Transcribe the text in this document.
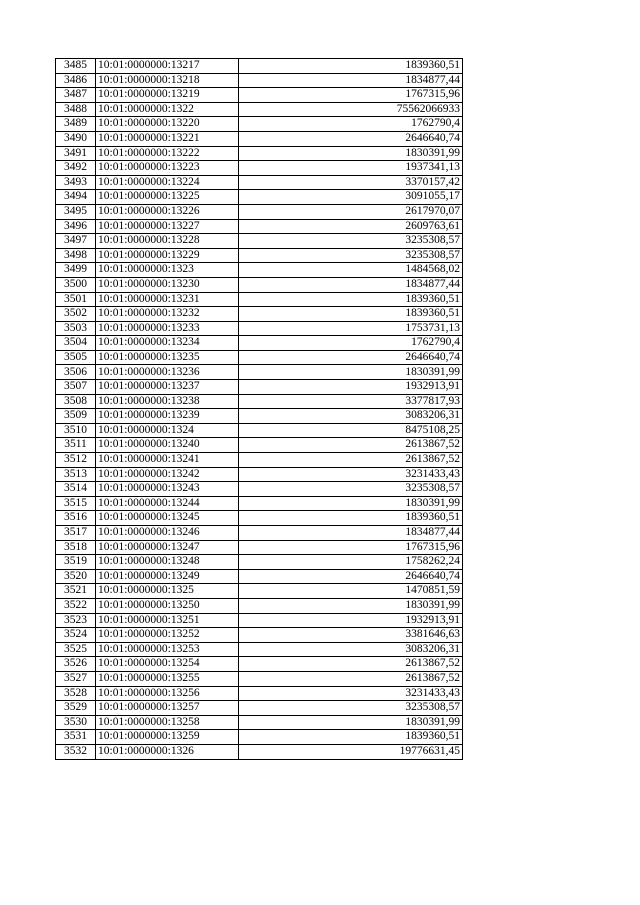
3485	10:01:0000000:13217	1839360,51
3486	10:01:0000000:13218	1834877,44
3487	10:01:0000000:13219	1767315,96
3488	10:01:0000000:1322	75562066933
3489	10:01:0000000:13220	1762790,4
3490	10:01:0000000:13221	2646640,74
3491	10:01:0000000:13222	1830391,99
3492	10:01:0000000:13223	1937341,13
3493	10:01:0000000:13224	3370157,42
3494	10:01:0000000:13225	3091055,17
3495	10:01:0000000:13226	2617970,07
3496	10:01:0000000:13227	2609763,61
3497	10:01:0000000:13228	3235308,57
3498	10:01:0000000:13229	3235308,57
3499	10:01:0000000:1323	1484568,02
3500	10:01:0000000:13230	1834877,44
3501	10:01:0000000:13231	1839360,51
3502	10:01:0000000:13232	1839360,51
3503	10:01:0000000:13233	1753731,13
3504	10:01:0000000:13234	1762790,4
3505	10:01:0000000:13235	2646640,74
3506	10:01:0000000:13236	1830391,99
3507	10:01:0000000:13237	1932913,91
3508	10:01:0000000:13238	3377817,93
3509	10:01:0000000:13239	3083206,31
3510	10:01:0000000:1324	8475108,25
3511	10:01:0000000:13240	2613867,52
3512	10:01:0000000:13241	2613867,52
3513	10:01:0000000:13242	3231433,43
3514	10:01:0000000:13243	3235308,57
3515	10:01:0000000:13244	1830391,99
3516	10:01:0000000:13245	1839360,51
3517	10:01:0000000:13246	1834877,44
3518	10:01:0000000:13247	1767315,96
3519	10:01:0000000:13248	1758262,24
3520	10:01:0000000:13249	2646640,74
3521	10:01:0000000:1325	1470851,59
3522	10:01:0000000:13250	1830391,99
3523	10:01:0000000:13251	1932913,91
3524	10:01:0000000:13252	3381646,63
3525	10:01:0000000:13253	3083206,31
3526	10:01:0000000:13254	2613867,52
3527	10:01:0000000:13255	2613867,52
3528	10:01:0000000:13256	3231433,43
3529	10:01:0000000:13257	3235308,57
3530	10:01:0000000:13258	1830391,99
3531	10:01:0000000:13259	1839360,51
3532	10:01:0000000:1326	19776631,45
